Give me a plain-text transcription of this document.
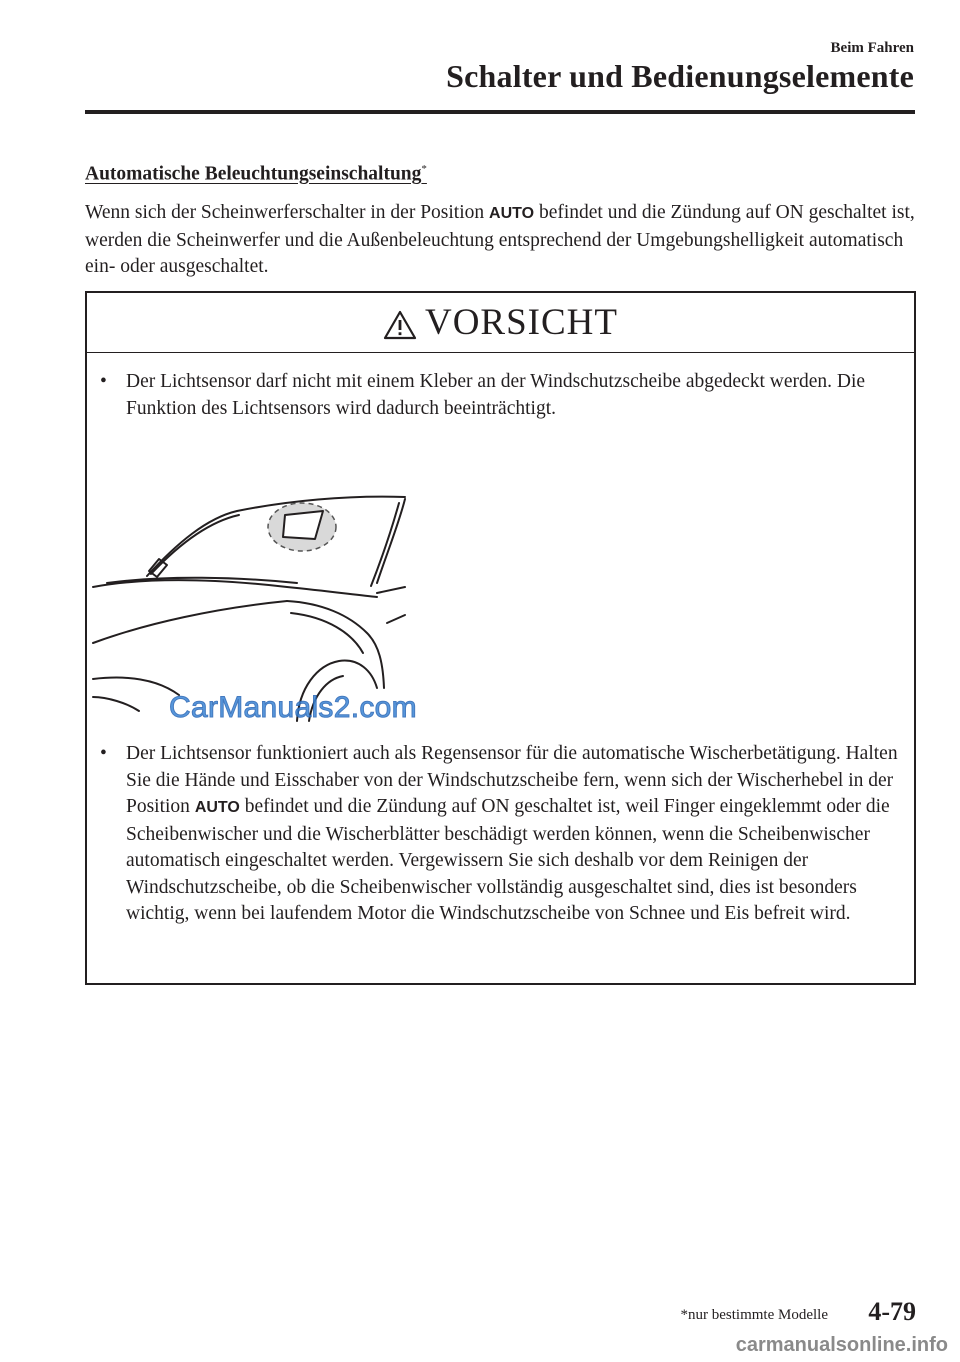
Beim Fahren
Schalter und Bedienungselemente
Automatische Beleuchtungseinschaltung*
Wenn sich der Scheinwerferschalter in der Position AUTO befindet und die Zündung auf ON geschaltet ist, werden die Scheinwerfer und die Außenbeleuchtung entsprechend der Umgebungshelligkeit automatisch ein- oder ausgeschaltet.
VORSICHT
• Der Lichtsensor darf nicht mit einem Kleber an der Windschutzscheibe abgedeckt werden. Die Funktion des Lichtsensors wird dadurch beeinträchtigt.
CarManuals2.com
• Der Lichtsensor funktioniert auch als Regensensor für die automatische Wischerbetätigung. Halten Sie die Hände und Eisschaber von der Windschutzscheibe fern, wenn sich der Wischerhebel in der Position AUTO befindet und die Zündung auf ON geschaltet ist, weil Finger eingeklemmt oder die Scheibenwischer und die Wischerblätter beschädigt werden können, wenn die Scheibenwischer automatisch eingeschaltet werden. Vergewissern Sie sich deshalb vor dem Reinigen der Windschutzscheibe, ob die Scheibenwischer vollständig ausgeschaltet sind, dies ist besonders wichtig, wenn bei laufendem Motor die Windschutzscheibe von Schnee und Eis befreit wird.
*nur bestimmte Modelle 4-79
carmanualsonline.info
